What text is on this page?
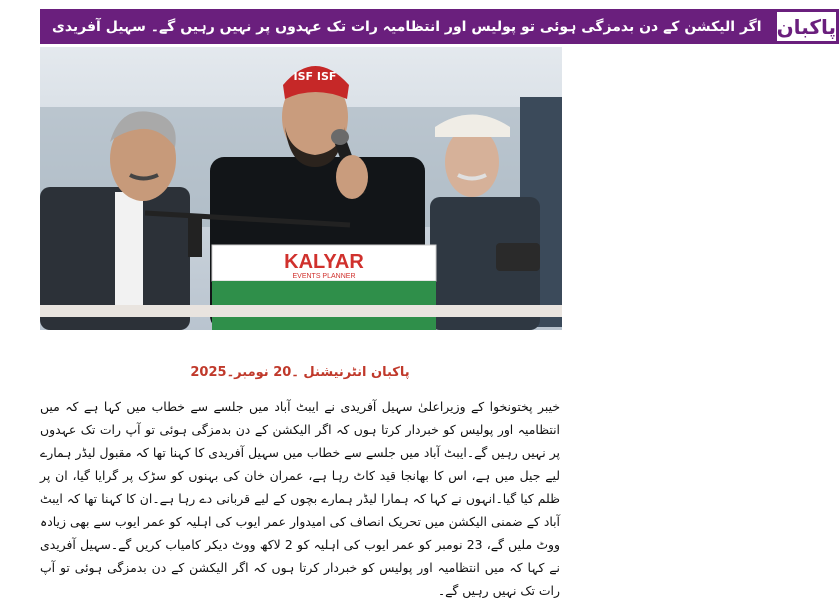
اگر الیکشن کے دن بدمزگی ہوئی تو پولیس اور انتظامیہ رات تک عہدوں پر نہیں رہیں گے۔ سہیل آفریدی پاکبان
ISF ISF
KALYAR
EVENTS PLANNER
پاکبان انٹرنیشنل ۔20 نومبر۔2025

خیبر پختونخوا کے وزیراعلیٰ سہیل آفریدی نے ایبٹ آباد میں جلسے سے خطاب میں کہا ہے کہ میں انتظامیہ اور پولیس کو خبردار کرتا ہوں کہ اگر الیکشن کے دن بدمزگی ہوئی تو آپ رات تک عہدوں پر نہیں رہیں گے۔ایبٹ آباد میں جلسے سے خطاب میں سہیل آفریدی کا کہنا تھا کہ مقبول لیڈر ہمارے لیے جیل میں ہے، اس کا بھانجا قید کاٹ رہا ہے، عمران خان کی بہنوں کو سڑک پر گرایا گیا، ان پر ظلم کیا گیا۔انہوں نے کہا کہ ہمارا لیڈر ہمارے بچوں کے لیے قربانی دے رہا ہے۔ان کا کہنا تھا کہ ایبٹ آباد کے ضمنی الیکشن میں تحریک انصاف کی امیدوار عمر ایوب کی اہلیہ کو عمر ایوب سے بھی زیادہ ووٹ ملیں گے، 23 نومبر کو عمر ایوب کی اہلیہ کو 2 لاکھ ووٹ دیکر کامیاب کریں گے۔سہیل آفریدی نے کہا کہ میں انتظامیہ اور پولیس کو خبردار کرتا ہوں کہ اگر الیکشن کے دن بدمزگی ہوئی تو آپ رات تک نہیں رہیں گے۔
